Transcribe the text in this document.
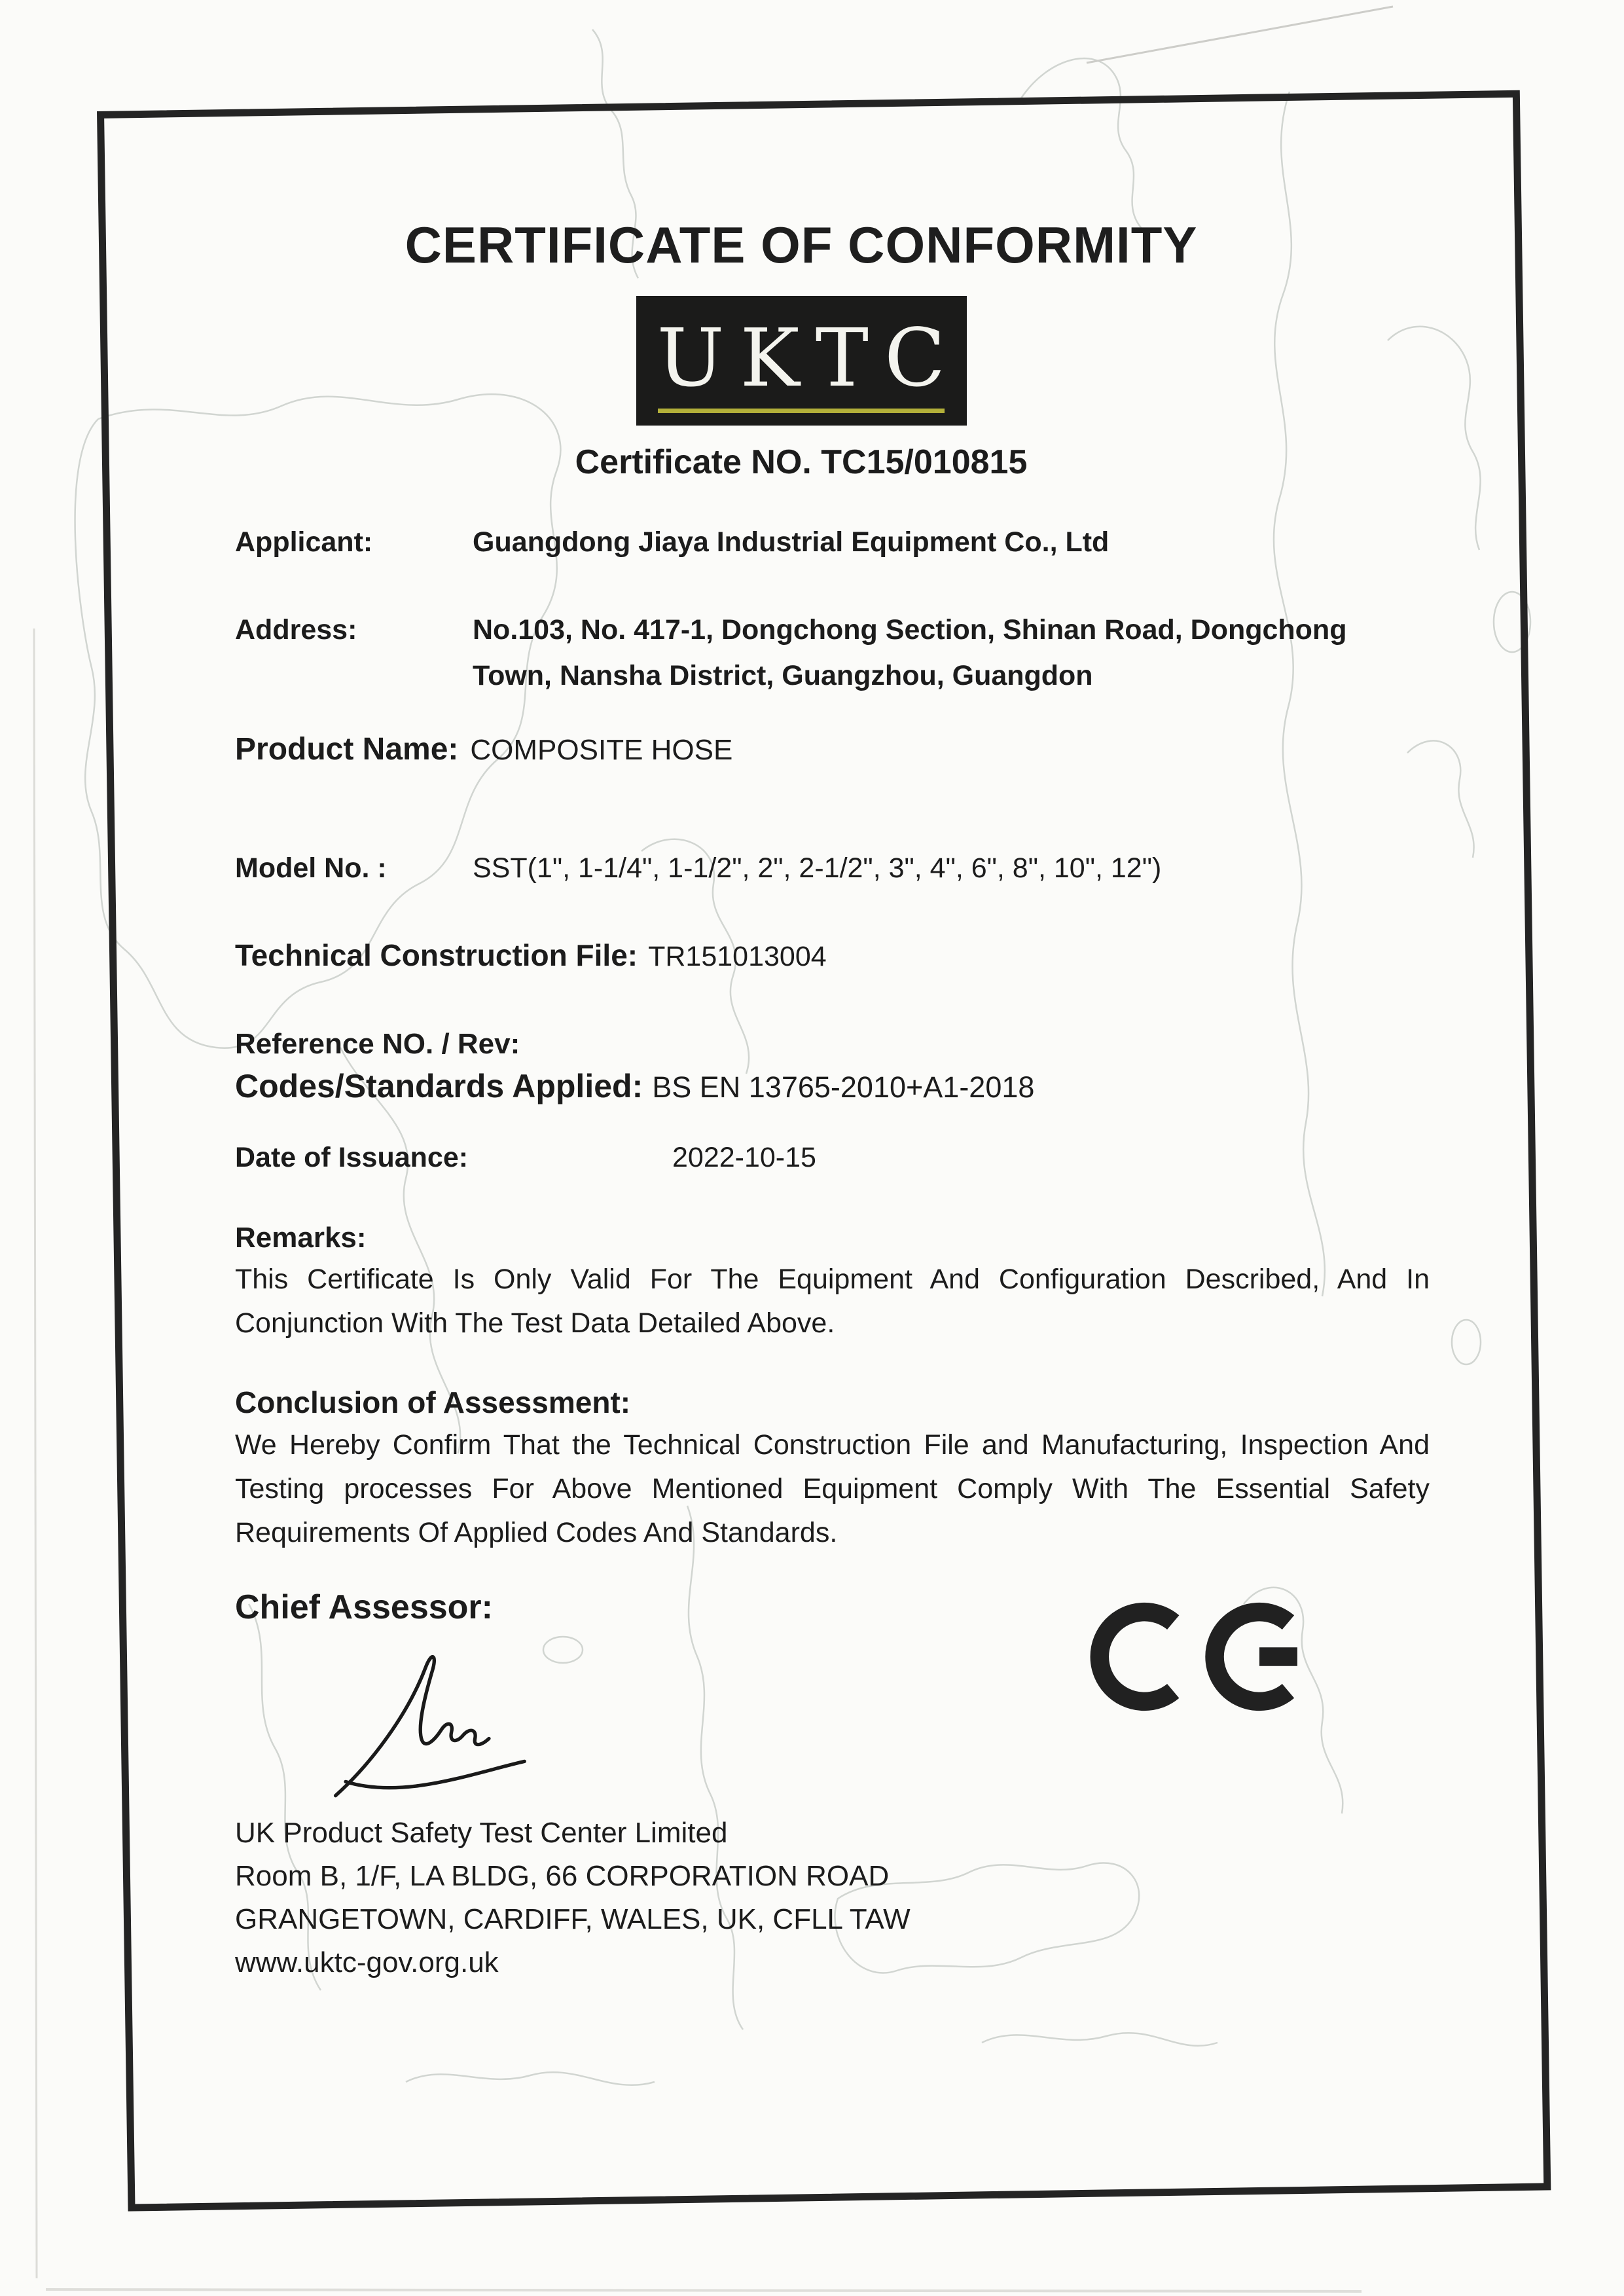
CERTIFICATE OF CONFORMITY
UKTC
Certificate NO. TC15/010815
Applicant:	Guangdong Jiaya Industrial Equipment Co., Ltd
Address:	No.103, No. 417-1, Dongchong Section, Shinan Road, Dongchong Town, Nansha District, Guangzhou, Guangdon
Product Name: COMPOSITE HOSE
Model No. :	SST(1", 1-1/4", 1-1/2", 2", 2-1/2", 3", 4", 6", 8", 10", 12")
Technical Construction File: TR151013004
Reference NO. / Rev:
Codes/Standards Applied: BS EN 13765-2010+A1-2018
Date of Issuance:	2022-10-15
Remarks:

This Certificate Is Only Valid For The Equipment And Configuration Described, And In Conjunction With The Test Data Detailed Above.

Conclusion of Assessment:

We Hereby Confirm That the Technical Construction File and Manufacturing, Inspection And Testing processes For Above Mentioned Equipment Comply With The Essential Safety Requirements Of Applied Codes And Standards.

Chief Assessor:
UK Product Safety Test Center Limited
Room B, 1/F, LA BLDG, 66 CORPORATION ROAD
GRANGETOWN, CARDIFF, WALES, UK, CFLL TAW
www.uktc-gov.org.uk
